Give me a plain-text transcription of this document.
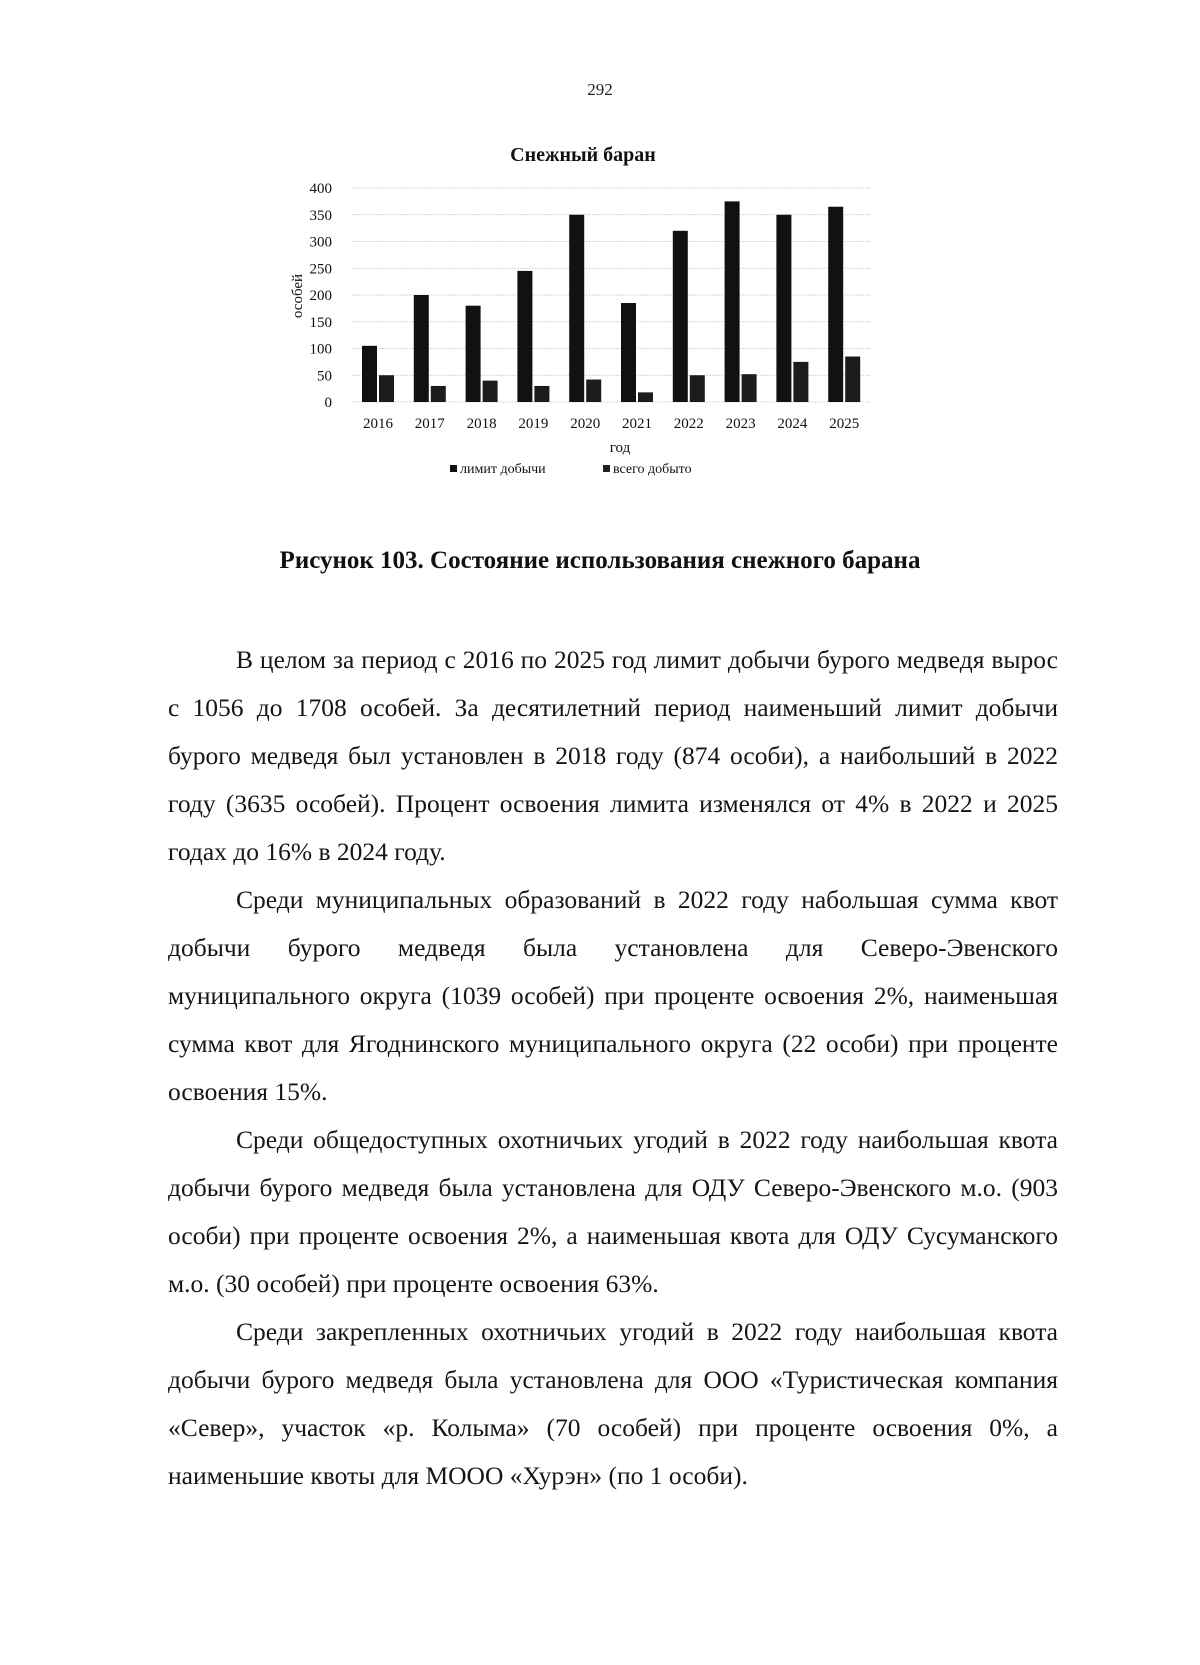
292
Снежный баран
0
50
100
150
200
250
300
350
400
2016 2017 2018 2019 2020 2021 2022 2023 2024 2025
особей
год
лимит добычи	всего добыто
Рисунок 103. Состояние использования снежного барана

В целом за период с 2016 по 2025 год лимит добычи бурого медведя вырос с 1056 до 1708 особей. За десятилетний период наименьший лимит добычи бурого медведя был установлен в 2018 году (874 особи), а наибольший в 2022 году (3635 особей). Процент освоения лимита изменялся от 4% в 2022 и 2025 годах до 16% в 2024 году.

Среди муниципальных образований в 2022 году набольшая сумма квот добычи бурого медведя была установлена для Северо-Эвенского муниципального округа (1039 особей) при проценте освоения 2%, наименьшая сумма квот для Ягоднинского муниципального округа (22 особи) при проценте освоения 15%.

Среди общедоступных охотничьих угодий в 2022 году наибольшая квота добычи бурого медведя была установлена для ОДУ Северо-Эвенского м.о. (903 особи) при проценте освоения 2%, а наименьшая квота для ОДУ Сусуманского м.о. (30 особей) при проценте освоения 63%.

Среди закрепленных охотничьих угодий в 2022 году наибольшая квота добычи бурого медведя была установлена для ООО «Туристическая компания «Север», участок «р. Колыма» (70 особей) при проценте освоения 0%, а наименьшие квоты для МООО «Хурэн» (по 1 особи).
